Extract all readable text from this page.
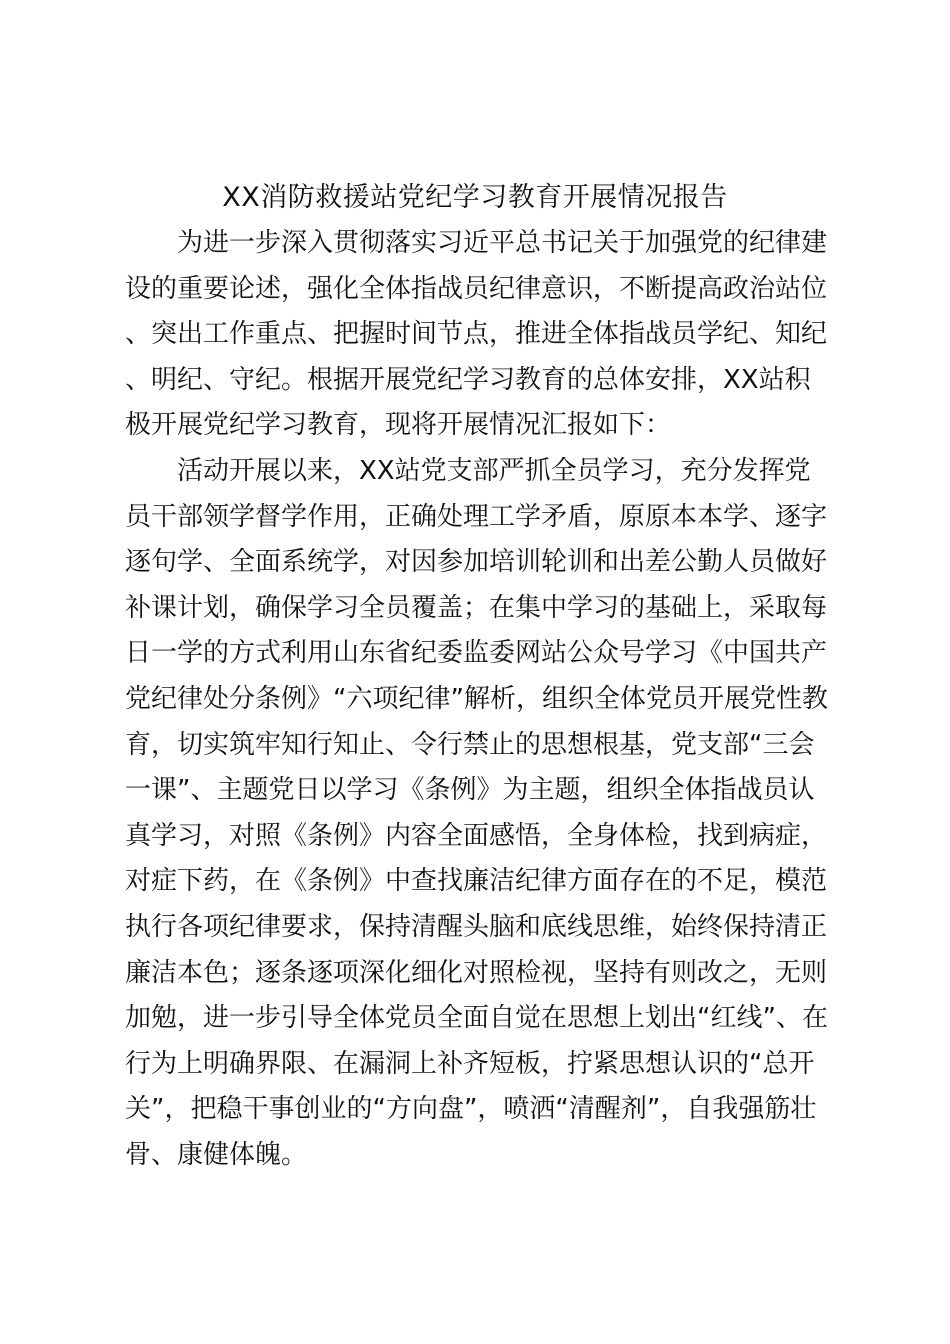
XX消防救援站党纪学习教育开展情况报告

为进一步深入贯彻落实习近平总书记关于加强党的纪律建设的重要论述，强化全体指战员纪律意识，不断提高政治站位、突出工作重点、把握时间节点，推进全体指战员学纪、知纪、明纪、守纪。根据开展党纪学习教育的总体安排，XX站积极开展党纪学习教育，现将开展情况汇报如下：

活动开展以来，XX站党支部严抓全员学习，充分发挥党员干部领学督学作用，正确处理工学矛盾，原原本本学、逐字逐句学、全面系统学，对因参加培训轮训和出差公勤人员做好补课计划，确保学习全员覆盖；在集中学习的基础上，采取每日一学的方式利用山东省纪委监委网站公众号学习《中国共产党纪律处分条例》“六项纪律”解析，组织全体党员开展党性教育，切实筑牢知行知止、令行禁止的思想根基，党支部“三会一课”、主题党日以学习《条例》为主题，组织全体指战员认真学习，对照《条例》内容全面感悟，全身体检，找到病症，对症下药，在《条例》中查找廉洁纪律方面存在的不足，模范执行各项纪律要求，保持清醒头脑和底线思维，始终保持清正廉洁本色；逐条逐项深化细化对照检视，坚持有则改之，无则加勉，进一步引导全体党员全面自觉在思想上划出“红线”、在行为上明确界限、在漏洞上补齐短板，拧紧思想认识的“总开关”，把稳干事创业的“方向盘”，喷洒“清醒剂”，自我强筋壮骨、康健体魄。
